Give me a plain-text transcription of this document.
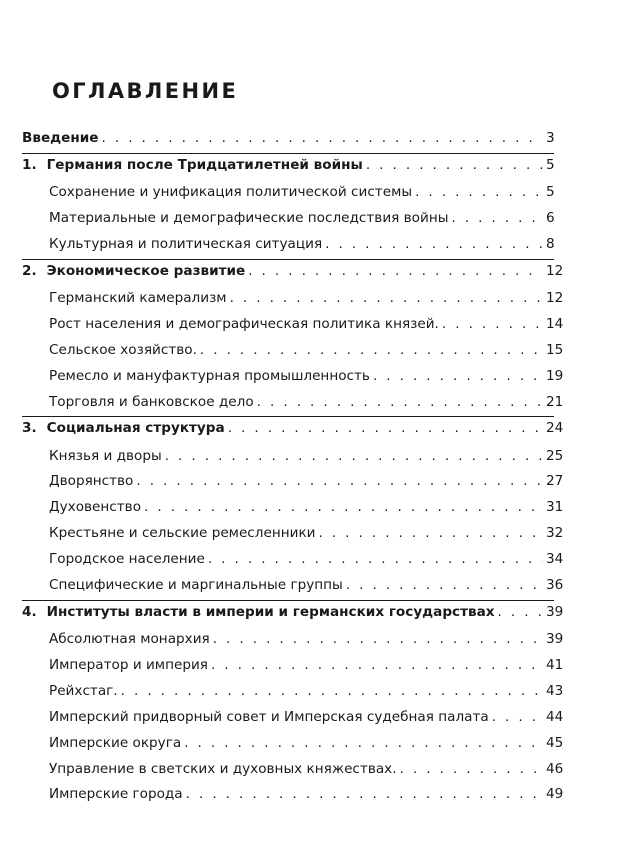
ОГЛАВЛЕНИЕ
Введение . . .	3
1. Германия после Тридцатилетней войны . . .	5
Сохранение и унификация политической системы . . .	5
Материальные и демографические последствия войны . . .	6
Культурная и политическая ситуация . . .	8
2. Экономическое развитие . . .	12
Германский камерализм . . .	12
Рост населения и демографическая политика князей. . . .	14
Сельское хозяйство. . . .	15
Ремесло и мануфактурная промышленность . . .	19
Торговля и банковское дело . . .	21
3. Социальная структура . . .	24
Князья и дворы . . .	25
Дворянство . . .	27
Духовенство . . .	31
Крестьяне и сельские ремесленники . . .	32
Городское население . . .	34
Специфические и маргинальные группы . . .	36
4. Институты власти в империи и германских государствах . . .	39
Абсолютная монархия . . .	39
Император и империя . . .	41
Рейхстаг. . . .	43
Имперский придворный совет и Имперская судебная палата . . .	44
Имперские округа . . .	45
Управление в светских и духовных княжествах. . . .	46
Имперские города . . .	49
